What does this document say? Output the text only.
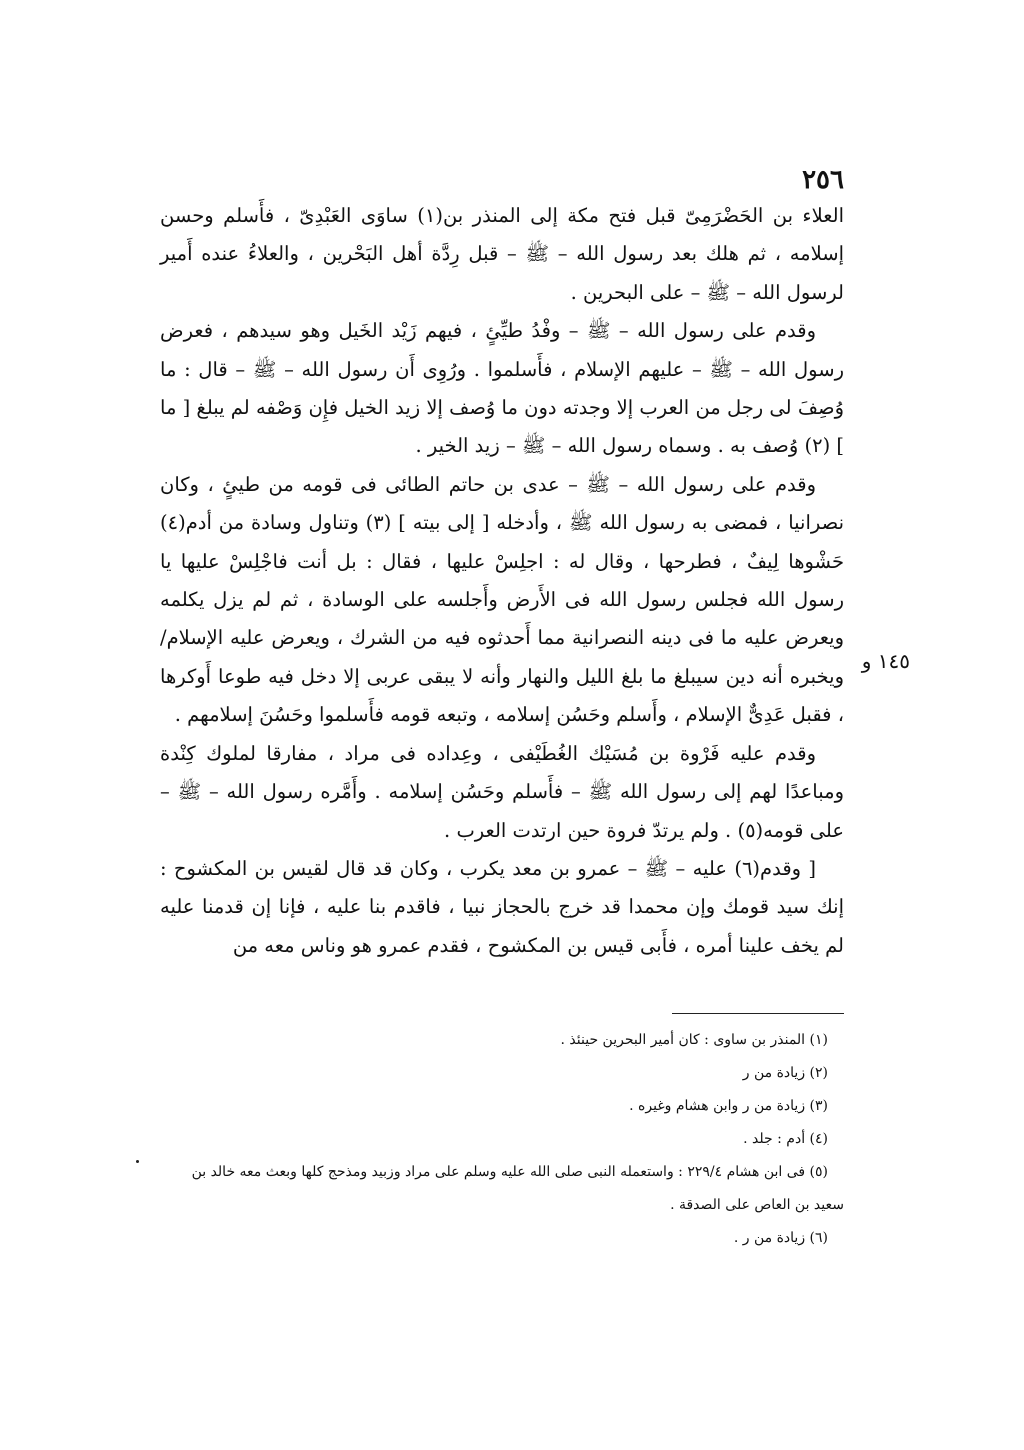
٢٥٦

العلاء بن الحَضْرَمِىّ قبل فتح مكة إلى المنذر بن(١) ساوَى العَبْدِىّ ، فأَسلم وحسن إسلامه ، ثم هلك بعد رسول الله – ﷺ – قبل رِدَّة أهل البَحْرين ، والعلاءُ عنده أَمير لرسول الله – ﷺ – على البحرين .

وقدم على رسول الله – ﷺ – وفْدُ طيِّئٍ ، فيهم زَيْد الخَيل وهو سيدهم ، فعرض رسول الله – ﷺ – عليهم الإسلام ، فأَسلموا . ورُوِى أَن رسول الله – ﷺ – قال : ما وُصِفَ لى رجل من العرب إلا وجدته دون ما وُصف إلا زيد الخيل فإِن وَصْفه لم يبلغ [ ما ] (٢) وُصف به . وسماه رسول الله – ﷺ – زيد الخير .

وقدم على رسول الله – ﷺ – عدى بن حاتم الطائى فى قومه من طيئٍ ، وكان نصرانيا ، فمضى به رسول الله ﷺ ، وأدخله [ إلى بيته ] (٣) وتناول وسادة من أدم(٤) حَشْوها لِيفٌ ، فطرحها ، وقال له : اجلِسْ عليها ، فقال : بل أنت فاجْلِسْ عليها يا رسول الله فجلس رسول الله فى الأَرض وأَجلسه على الوسادة ، ثم لم يزل يكلمه ويعرض عليه ما فى دينه النصرانية مما أَحدثوه فيه من الشرك ، ويعرض عليه الإسلام/ويخبره أنه دين سيبلغ ما بلغ الليل والنهار وأنه لا يبقى عربى إلا دخل فيه طوعا أَوكرها ، فقبل عَدِىٌّ الإسلام ، وأَسلم وحَسُن إسلامه ، وتبعه قومه فأَسلموا وحَسُنَ إسلامهم .

وقدم عليه فَرْوة بن مُسَيْك الغُطَيْفى ، وعِداده فى مراد ، مفارقا لملوك كِنْدة ومباعدًا لهم إلى رسول الله ﷺ – فأَسلم وحَسُن إسلامه . وأَمَّره رسول الله – ﷺ – على قومه(٥) . ولم يرتدّ فروة حين ارتدت العرب .

[ وقدم(٦) عليه – ﷺ – عمرو بن معد يكرب ، وكان قد قال لقيس بن المكشوح : إنك سيد قومك وإن محمدا قد خرج بالحجاز نبيا ، فاقدم بنا عليه ، فإنا إن قدمنا عليه لم يخف علينا أمره ، فأَبى قيس بن المكشوح ، فقدم عمرو هو وناس معه من

١٤٥ و

(١) المنذر بن ساوى : كان أمير البحرين حينئذ .

(٢) زيادة من ر

(٣) زيادة من ر وابن هشام وغيره .

(٤) أدم : جلد .

(٥) فى ابن هشام ٢٢٩/٤ : واستعمله النبى صلى الله عليه وسلم على مراد وزبيد ومذحج كلها وبعث معه خالد بن

سعيد بن العاص على الصدقة .

(٦) زيادة من ر .
